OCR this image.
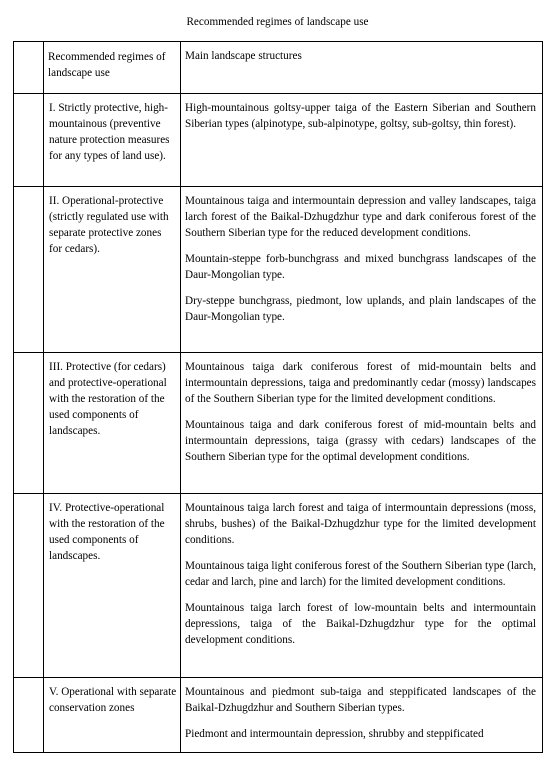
Recommended regimes of landscape use

	Recommended regimes of landscape use	Main landscape structures

	I. Strictly protective, high-mountainous (preventive nature protection measures for any types of land use).	High-mountainous goltsy-upper taiga of the Eastern Siberian and Southern Siberian types (alpinotype, sub-alpinotype, goltsy, sub-goltsy, thin forest).

	II. Operational-protective (strictly regulated use with separate protective zones for cedars).	Mountainous taiga and intermountain depression and valley landscapes, taiga larch forest of the Baikal-Dzhugdzhur type and dark coniferous forest of the Southern Siberian type for the reduced development conditions.

Mountain-steppe forb-bunchgrass and mixed bunchgrass landscapes of the Daur-Mongolian type.

Dry-steppe bunchgrass, piedmont, low uplands, and plain landscapes of the Daur-Mongolian type.

	III. Protective (for cedars) and protective-operational with the restoration of the used components of landscapes.	Mountainous taiga dark coniferous forest of mid-mountain belts and intermountain depressions, taiga and predominantly cedar (mossy) landscapes of the Southern Siberian type for the limited development conditions.

Mountainous taiga and dark coniferous forest of mid-mountain belts and intermountain depressions, taiga (grassy with cedars) landscapes of the Southern Siberian type for the optimal development conditions.

	IV. Protective-operational with the restoration of the used components of landscapes.	Mountainous taiga larch forest and taiga of intermountain depressions (moss, shrubs, bushes) of the Baikal-Dzhugdzhur type for the limited development conditions.

Mountainous taiga light coniferous forest of the Southern Siberian type (larch, cedar and larch, pine and larch) for the limited development conditions.

Mountainous taiga larch forest of low-mountain belts and intermountain depressions, taiga of the Baikal-Dzhugdzhur type for the optimal development conditions.

	V. Operational with separate conservation zones	Mountainous and piedmont sub-taiga and steppificated landscapes of the Baikal-Dzhugdzhur and Southern Siberian types.

Piedmont and intermountain depression, shrubby and steppificated
